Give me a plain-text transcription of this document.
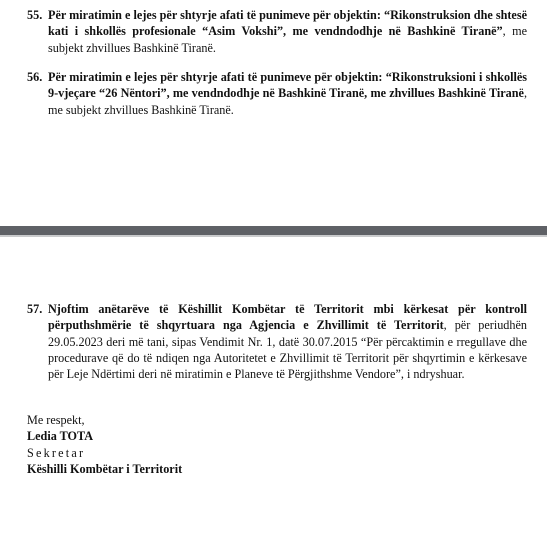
55. Për miratimin e lejes për shtyrje afati të punimeve për objektin: “Rikonstruksion dhe shtesë kati i shkollës profesionale “Asim Vokshi”, me vendndodhje në Bashkinë Tiranë”, me subjekt zhvillues Bashkinë Tiranë.
56. Për miratimin e lejes për shtyrje afati të punimeve për objektin: “Rikonstruksioni i shkollës 9-vjeçare “26 Nëntori”, me vendndodhje në Bashkinë Tiranë, me zhvillues Bashkinë Tiranë, me subjekt zhvillues Bashkinë Tiranë.
57. Njoftim anëtarëve të Këshillit Kombëtar të Territorit mbi kërkesat për kontroll përputhshmërie të shqyrtuara nga Agjencia e Zhvillimit të Territorit, për periudhën 29.05.2023 deri më tani, sipas Vendimit Nr. 1, datë 30.07.2015 “Për përcaktimin e rregullave dhe procedurave që do të ndiqen nga Autoritetet e Zhvillimit të Territorit për shqyrtimin e kërkesave për Leje Ndërtimi deri në miratimin e Planeve të Përgjithshme Vendore”, i ndryshuar.
Me respekt,
Ledia TOTA
Sekretar
Këshilli Kombëtar i Territorit
